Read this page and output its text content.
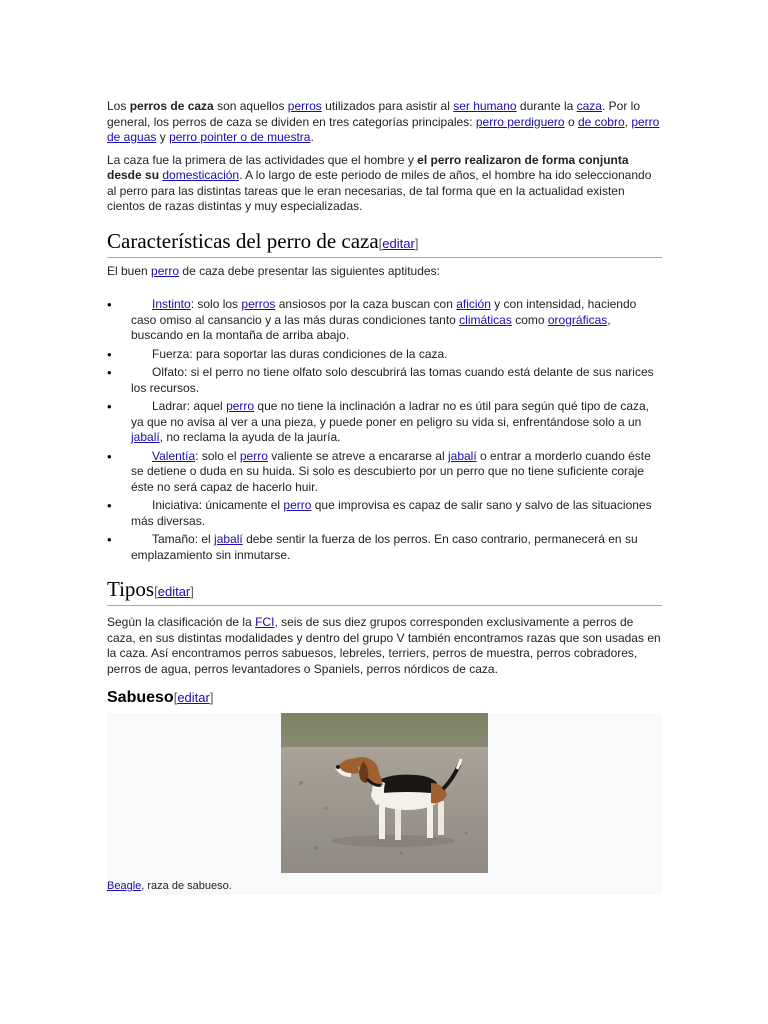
Los perros de caza son aquellos perros utilizados para asistir al ser humano durante la caza. Por lo general, los perros de caza se dividen en tres categorías principales: perro perdiguero o de cobro, perro de aguas y perro pointer o de muestra.

La caza fue la primera de las actividades que el hombre y el perro realizaron de forma conjunta desde su domesticación. A lo largo de este periodo de miles de años, el hombre ha ido seleccionando al perro para las distintas tareas que le eran necesarias, de tal forma que en la actualidad existen cientos de razas distintas y muy especializadas.

Características del perro de caza[editar]

El buen perro de caza debe presentar las siguientes aptitudes:

•	Instinto: solo los perros ansiosos por la caza buscan con afición y con intensidad, haciendo caso omiso al cansancio y a las más duras condiciones tanto climáticas como orográficas, buscando en la montaña de arriba abajo.
•	Fuerza: para soportar las duras condiciones de la caza.
•	Olfato: si el perro no tiene olfato solo descubrirá las tomas cuando está delante de sus narices los recursos.
•	Ladrar: aquel perro que no tiene la inclinación a ladrar no es útil para según qué tipo de caza, ya que no avisa al ver a una pieza, y puede poner en peligro su vida si, enfrentándose solo a un jabalí, no reclama la ayuda de la jauría.
•	Valentía: solo el perro valiente se atreve a encararse al jabalí o entrar a morderlo cuando éste se detiene o duda en su huida. Si solo es descubierto por un perro que no tiene suficiente coraje éste no será capaz de hacerlo huir.
•	Iniciativa: únicamente el perro que improvisa es capaz de salir sano y salvo de las situaciones más diversas.
•	Tamaño: el jabalí debe sentir la fuerza de los perros. En caso contrario, permanecerá en su emplazamiento sin inmutarse.
Tipos[editar]

Según la clasificación de la FCI, seis de sus diez grupos corresponden exclusivamente a perros de caza, en sus distintas modalidades y dentro del grupo V también encontramos razas que son usadas en la caza. Así encontramos perros sabuesos, lebreles, terriers, perros de muestra, perros cobradores, perros de agua, perros levantadores o Spaniels, perros nórdicos de caza.

Sabueso[editar]
Beagle, raza de sabueso.
